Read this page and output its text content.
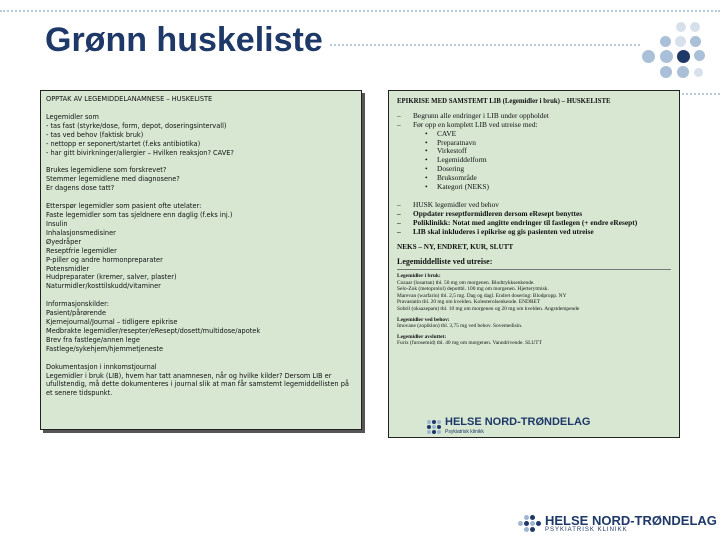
Grønn huskeliste
OPPTAK AV LEGEMIDDELANAMNESE – HUSKELISTE
Legemidler som
- tas fast (styrke/dose, form, depot, doseringsintervall)
- tas ved behov (faktisk bruk)
- nettopp er seponert/startet (f.eks antibiotika)
- har gitt bivirkninger/allergier – Hvilken reaksjon? CAVE?
Brukes legemidlene som forskrevet?
Stemmer legemidlene med diagnosene?
Er dagens dose tatt?
Etterspør legemidler som pasient ofte utelater:
Faste legemidler som tas sjeldnere enn daglig (f.eks inj.)
Insulin
Inhalasjonsmedisiner
Øyedråper
Reseptfrie legemidler
P-piller og andre hormonpreparater
Potensmidler
Hudpreparater (kremer, salver, plaster)
Naturmidler/kosttilskudd/vitaminer
Informasjonskilder:
Pasient/pårørende
Kjernejournal/Journal – tidligere epikrise
Medbrakte legemidler/resepter/eResept/dosett/multidose/apotek
Brev fra fastlege/annen lege
Fastlege/sykehjem/hjemmetjeneste
Dokumentasjon i innkomstjournal
Legemidler i bruk (LIB), hvem har tatt anamnesen, når og hvilke kilder? Dersom LIB er ufullstendig, må dette dokumenteres i journal slik at man får samstemt legemiddellisten på et senere tidspunkt.
EPIKRISE MED SAMSTEMT LIB (Legemidler i bruk) – HUSKELISTE
–	Begrunn alle endringer i LIB under oppholdet
–	Før opp en komplett LIB ved utreise med:
•	CAVE
•	Preparatnavn
•	Virkestoff
•	Legemiddelform
•	Dosering
•	Bruksområde
•	Kategori (NEKS)
–	HUSK legemidler ved behov
–	Oppdater reseptformidleren dersom eResept benyttes
–	Poliklinikk: Notat med angitte endringer til fastlegen (+ endre eResept)
–	LIB skal inkluderes i epikrise og gis pasienten ved utreise
NEKS – NY, ENDRET, KUR, SLUTT
Legemiddelliste ved utreise:
Legemidler i bruk:
Cozaar (losartan) tbl. 50 mg om morgenen. Blodtrykksenkende.
Selo-Zok (metoprolol) depottbl. 100 mg om morgenen. Hjerterytmisk.
Marevan (warfarin) tbl. 2,5 mg. Dag og dagl. Endret dosering: Blodpropp. NY
Pravastatin tbl. 20 mg om kvelden. Kolesterolsenkende. ENDRET
Sobril (oksazepam) tbl. 10 mg om morgenen og 20 mg om kvelden. Angstdempende
Legemidler ved behov:
Imovane (zopiklon) tbl. 3,75 mg ved behov. Sovemedisin.
Legemidler avsluttet:
Furix (furosemid) tbl. 40 mg om morgenen. Vanndrivende. SLUTT
HELSE NORD-TRØNDELAG
Psykiatrisk klinikk
HELSE NORD-TRØNDELAG
PSYKIATRISK KLINIKK
